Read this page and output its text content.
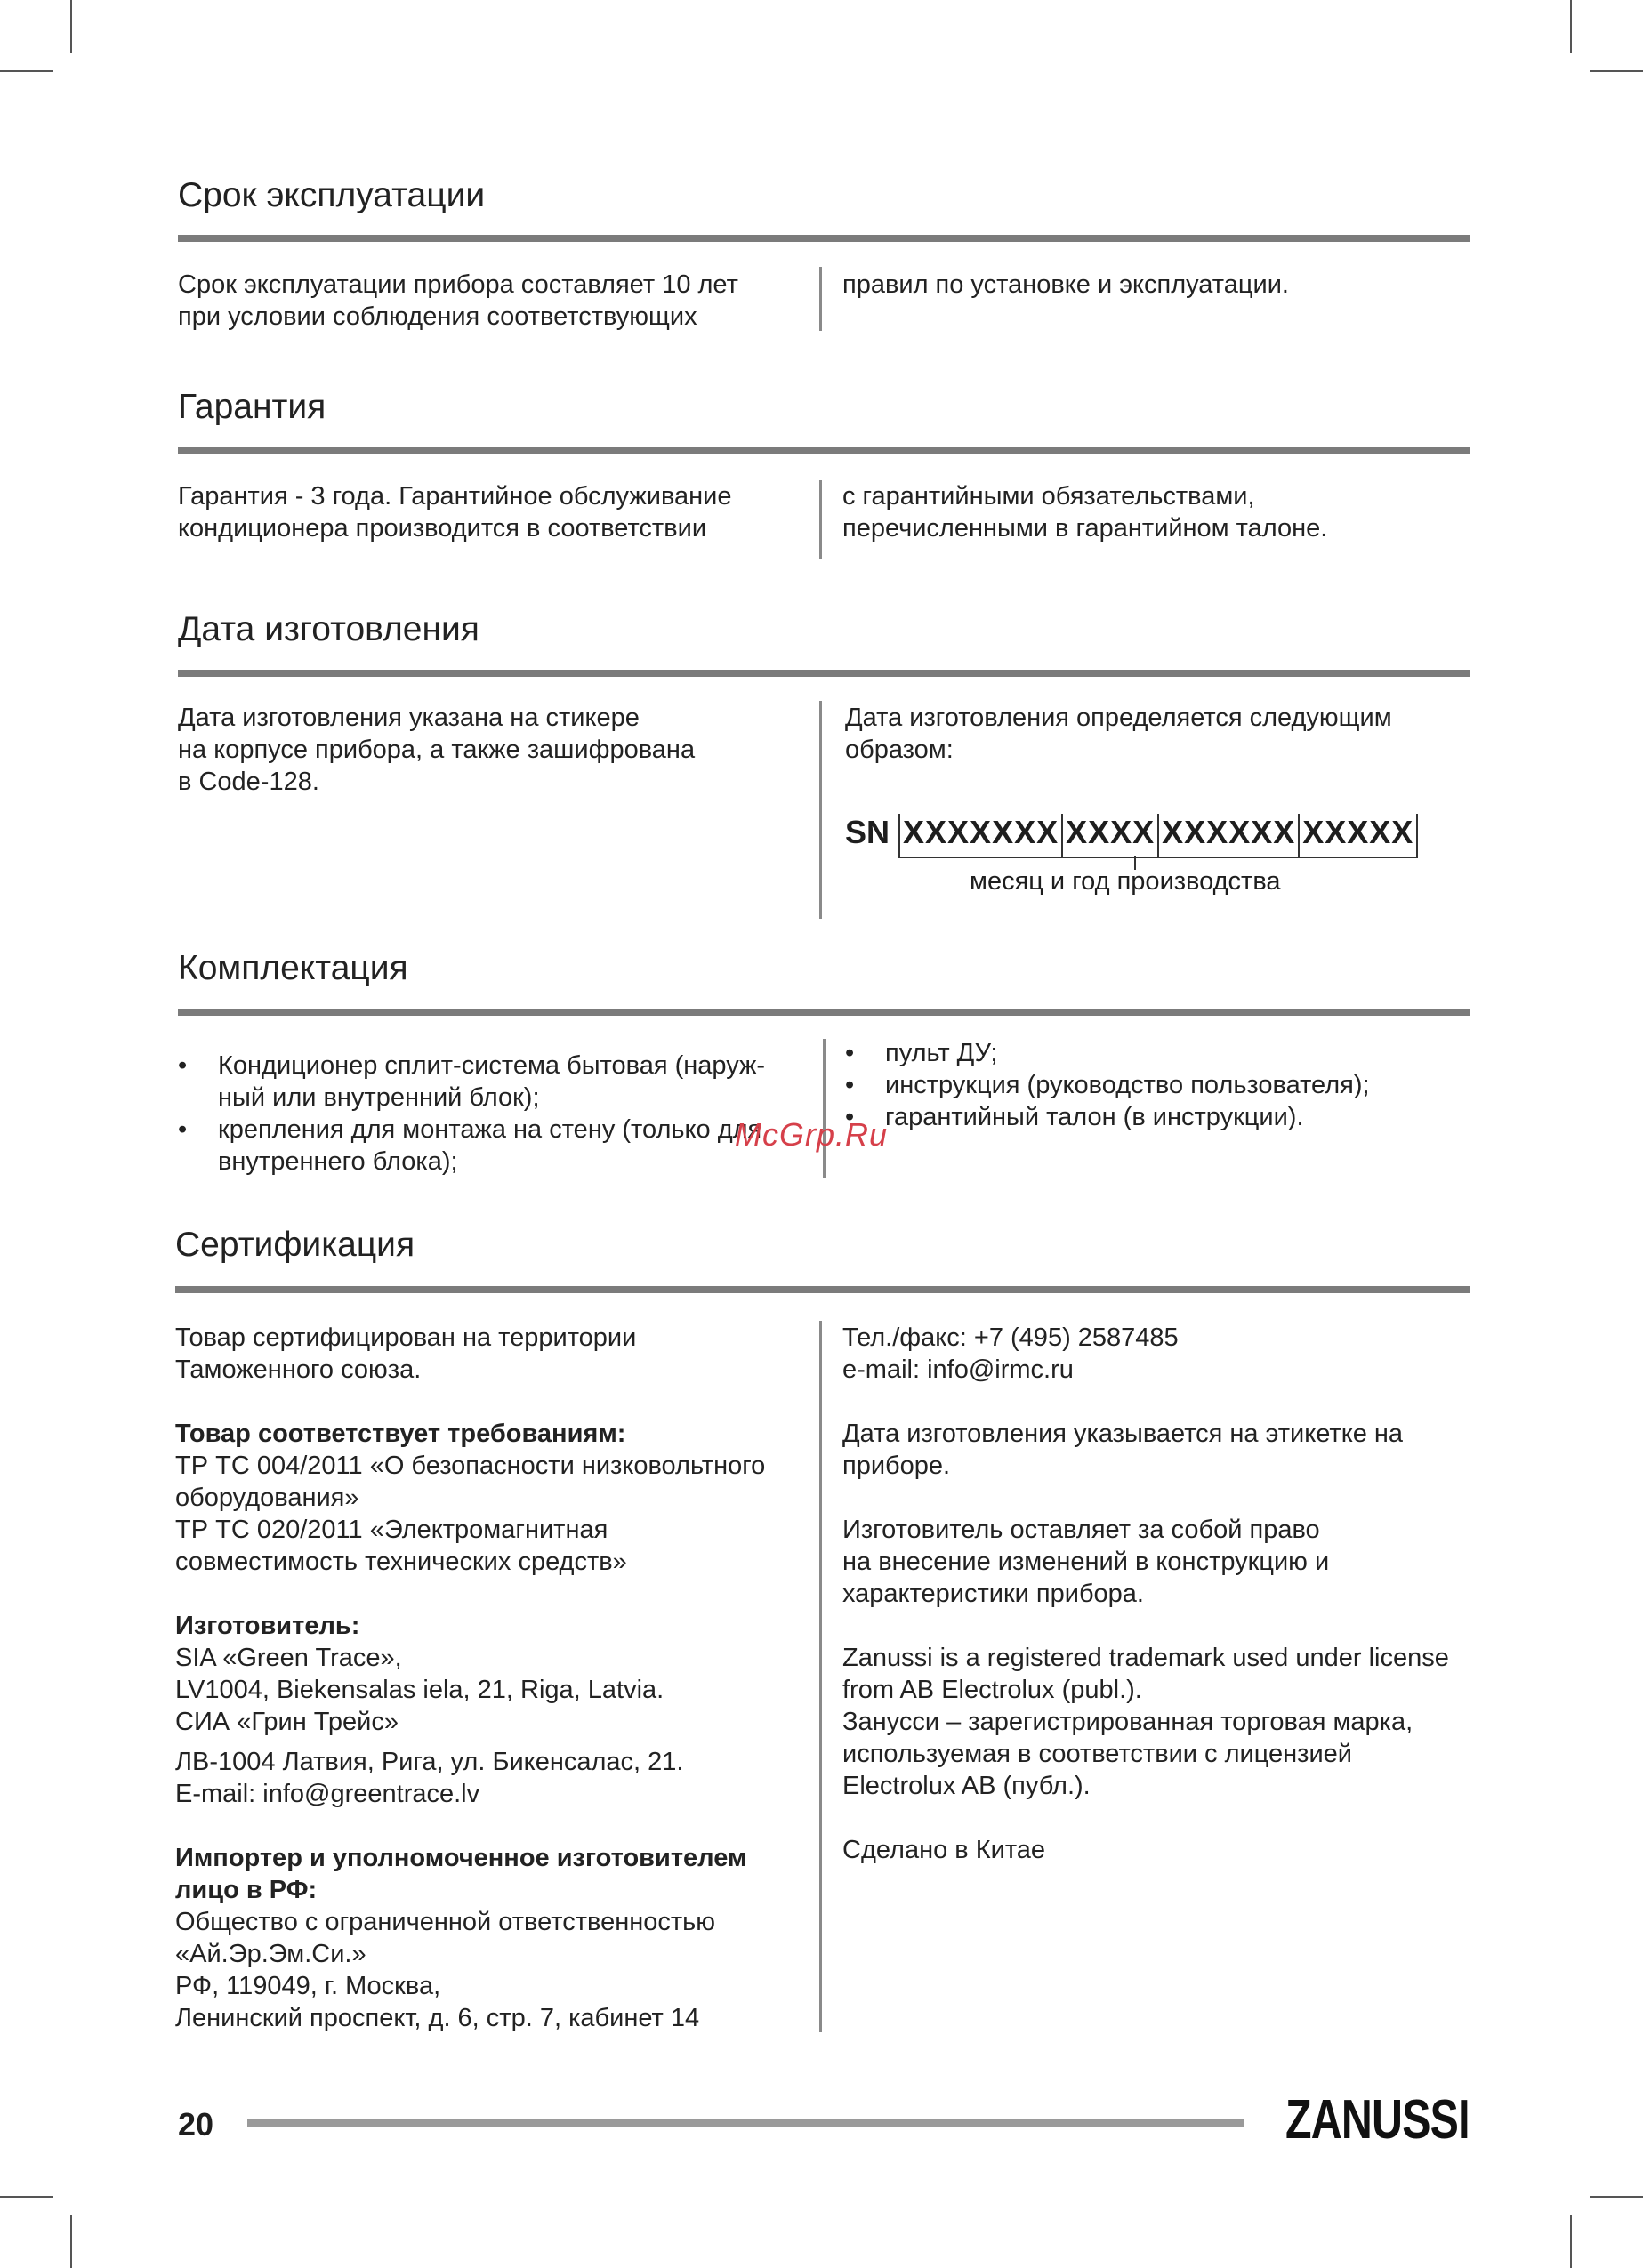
Срок эксплуатации

Срок эксплуатации прибора составляет 10 лет

при условии соблюдения соответствующих

правил по установке и эксплуатации.

Гарантия

Гарантия - 3 года. Гарантийное обслуживание

кондиционера производится в соответствии

с гарантийными обязательствами,

перечисленными в гарантийном талоне.

Дата изготовления

Дата изготовления указана на стикере

на корпусе прибора, а также зашифрована

в Code-128.

Дата изготовления определяется следующим

образом:

SN XXXXXXX XXXX XXXXXX XXXXX
месяц и год производства
Комплектация
• Кондиционер сплит-система бытовая (наруж-ный или внутренний блок);
• крепления для монтажа на стену (только для внутреннего блока);
• пульт ДУ;
• инструкция (руководство пользователя);
• гарантийный талон (в инструкции).
McGrp.Ru
Сертификация

Товар сертифицирован на территории

Таможенного союза.

Товар соответствует требованиям:

ТР ТС 004/2011 «О безопасности низковольтного

оборудования»

ТР ТС 020/2011 «Электромагнитная

совместимость технических средств»

Изготовитель:

SIA «Green Trace»,

LV1004, Biekensalas iela, 21, Riga, Latvia.

СИА «Грин Трейс»

ЛВ-1004 Латвия, Рига, ул. Бикенсалас, 21.

E-mail: info@greentrace.lv

Импортер и уполномоченное изготовителем

лицо в РФ:

Общество с ограниченной ответственностью

«Ай.Эр.Эм.Си.»

РФ, 119049, г. Москва,

Ленинский проспект, д. 6, стр. 7, кабинет 14

Тел./факс: +7 (495) 2587485

e-mail: info@irmc.ru

Дата изготовления указывается на этикетке на

приборе.

Изготовитель оставляет за собой право

на внесение изменений в конструкцию и

характеристики прибора.

Zanussi is a registered trademark used under license

from AB Electrolux (publ.).

Занусси – зарегистрированная торговая марка,

используемая в соответствии с лицензией

Electrolux AB (публ.).

Сделано в Китае

20	ZANUSSI
